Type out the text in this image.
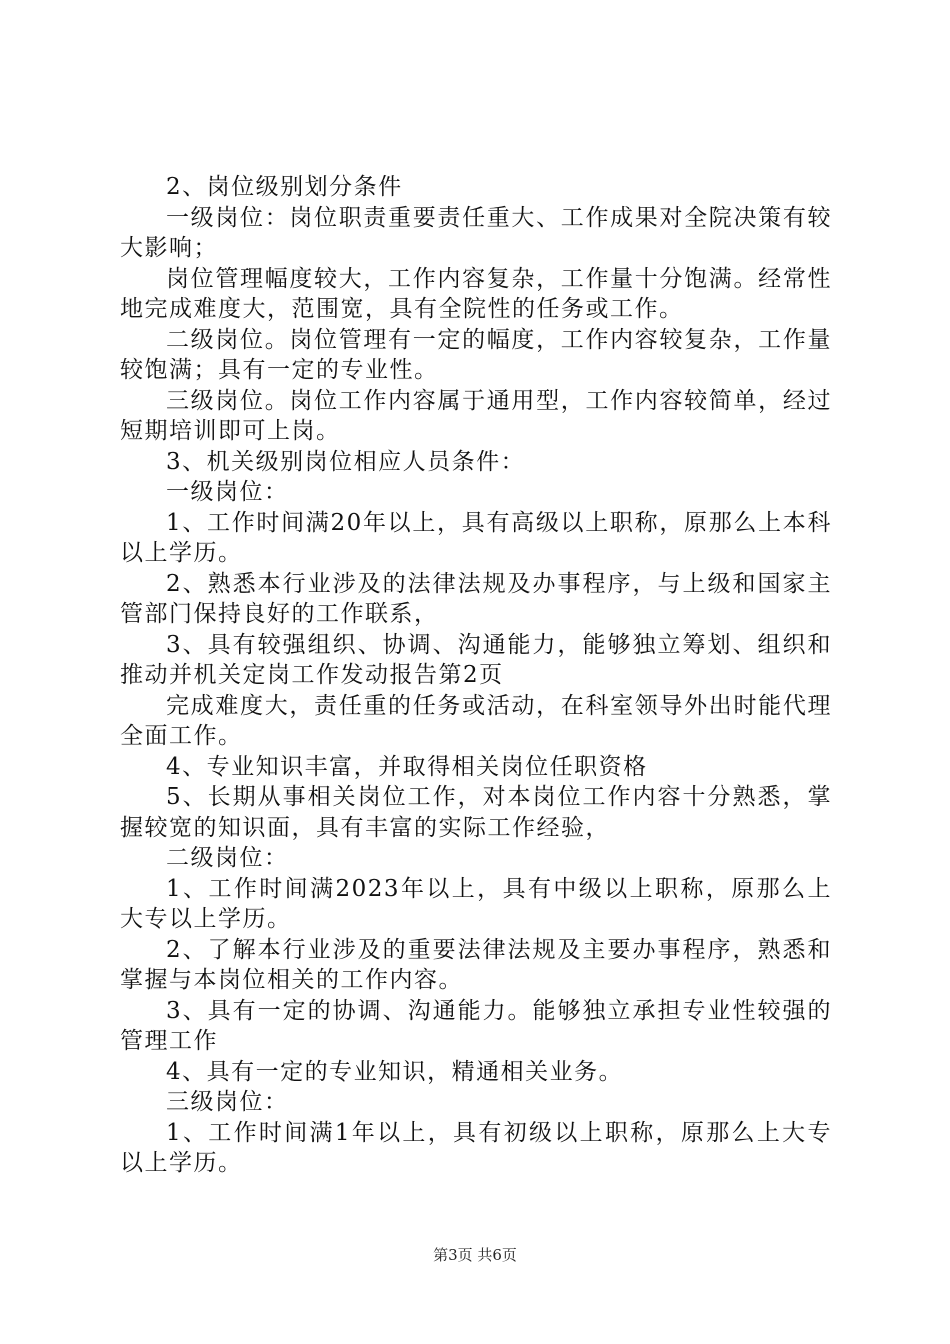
2、岗位级别划分条件

一级岗位：岗位职责重要责任重大、工作成果对全院决策有较大影响；

岗位管理幅度较大，工作内容复杂，工作量十分饱满。经常性地完成难度大，范围宽，具有全院性的任务或工作。

二级岗位。岗位管理有一定的幅度，工作内容较复杂，工作量较饱满；具有一定的专业性。

三级岗位。岗位工作内容属于通用型，工作内容较简单，经过短期培训即可上岗。

3、机关级别岗位相应人员条件：

一级岗位：

1、工作时间满20年以上，具有高级以上职称，原那么上本科以上学历。

2、熟悉本行业涉及的法律法规及办事程序，与上级和国家主管部门保持良好的工作联系，

3、具有较强组织、协调、沟通能力，能够独立筹划、组织和推动并机关定岗工作发动报告第2页

完成难度大，责任重的任务或活动，在科室领导外出时能代理全面工作。

4、专业知识丰富，并取得相关岗位任职资格

5、长期从事相关岗位工作，对本岗位工作内容十分熟悉，掌握较宽的知识面，具有丰富的实际工作经验，

二级岗位：

1、工作时间满2023年以上，具有中级以上职称，原那么上大专以上学历。

2、了解本行业涉及的重要法律法规及主要办事程序，熟悉和掌握与本岗位相关的工作内容。

3、具有一定的协调、沟通能力。能够独立承担专业性较强的管理工作

4、具有一定的专业知识，精通相关业务。

三级岗位：

1、工作时间满1年以上，具有初级以上职称，原那么上大专以上学历。

第3页 共6页
